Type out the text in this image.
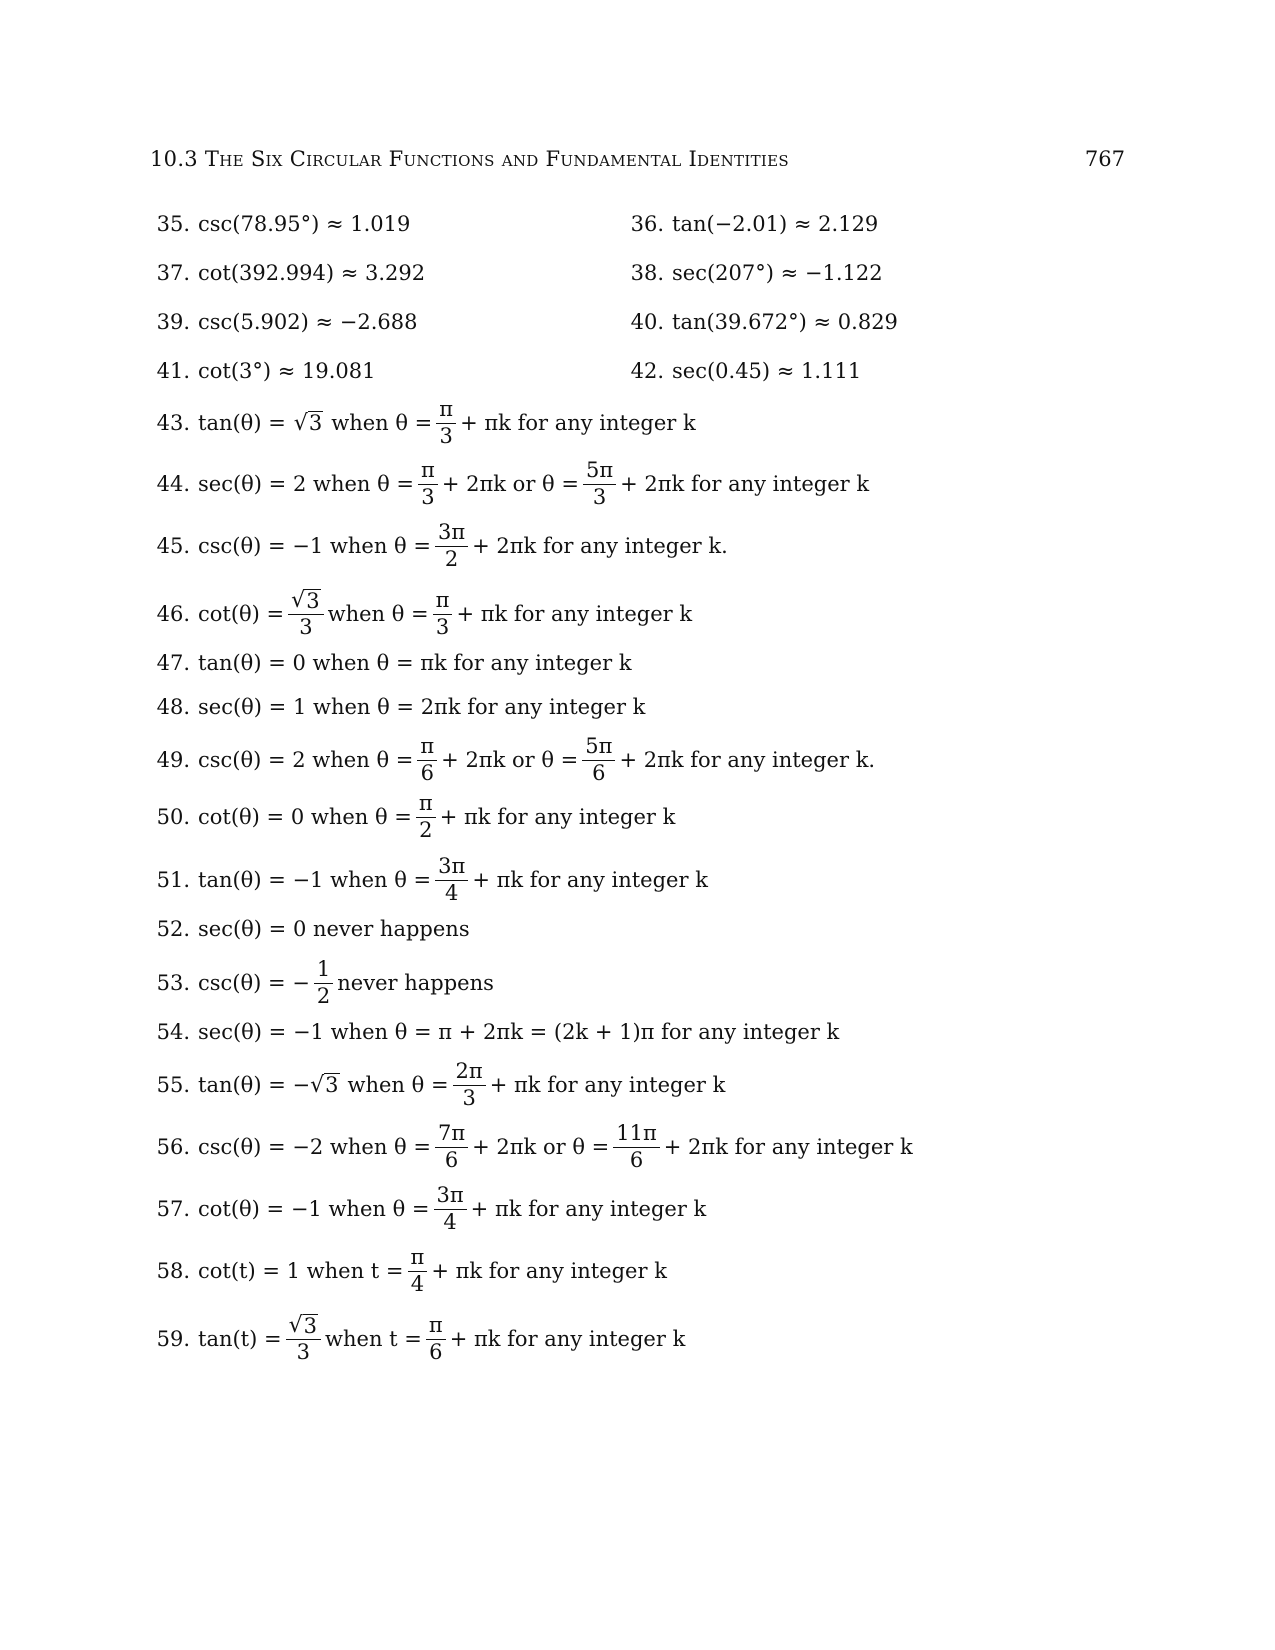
10.3 The Six Circular Functions and Fundamental Identities	767
35. csc(78.95°) ≈ 1.019	36. tan(−2.01) ≈ 2.129
37. cot(392.994) ≈ 3.292	38. sec(207°) ≈ −1.122
39. csc(5.902) ≈ −2.688	40. tan(39.672°) ≈ 0.829
41. cot(3°) ≈ 19.081	42. sec(0.45) ≈ 1.111
43. tan(θ) = √ 3 when $\theta = \frac{\pi}{3} + \pi k$ for any integer k
44. sec(θ) = 2 when $\theta = \frac{\pi}{3} + 2\pi k$ or $\theta = \frac{5\pi}{3} + 2\pi k$ for any integer k
45. csc(θ) = −1 when $\theta = \frac{3\pi}{2} + 2\pi k$ for any integer k.
46. $\cot(\theta) = \frac{√ 3}{3}$ when $\theta = \frac{\pi}{3} + \pi k$ for any integer k
47. tan(θ) = 0 when θ = πk for any integer k
48. sec(θ) = 1 when θ = 2πk for any integer k
49. csc(θ) = 2 when $\theta = \frac{\pi}{6} + 2\pi k$ or $\theta = \frac{5\pi}{6} + 2\pi k$ for any integer k.
50. cot(θ) = 0 when $\theta = \frac{\pi}{2} + \pi k$ for any integer k
51. tan(θ) = −1 when $\theta = \frac{3\pi}{4} + \pi k$ for any integer k
52. sec(θ) = 0 never happens
53. csc(θ) = − $\frac{1}{2}$ never happens
54. sec(θ) = −1 when θ = π + 2πk = (2k + 1)π for any integer k
55. tan(θ) = − √ 3 when $\theta = \frac{2\pi}{3} + \pi k$ for any integer k
56. csc(θ) = −2 when $\theta = \frac{7\pi}{6} + 2\pi k$ or $\theta = \frac{11\pi}{6} + 2\pi k$ for any integer k
57. cot(θ) = −1 when $\theta = \frac{3\pi}{4} + \pi k$ for any integer k
58. cot(t) = 1 when $t = \frac{\pi}{4} + \pi k$ for any integer k
59. $\tan(t) = \frac{√ 3}{3}$ when $t = \frac{\pi}{6} + \pi k$ for any integer k
